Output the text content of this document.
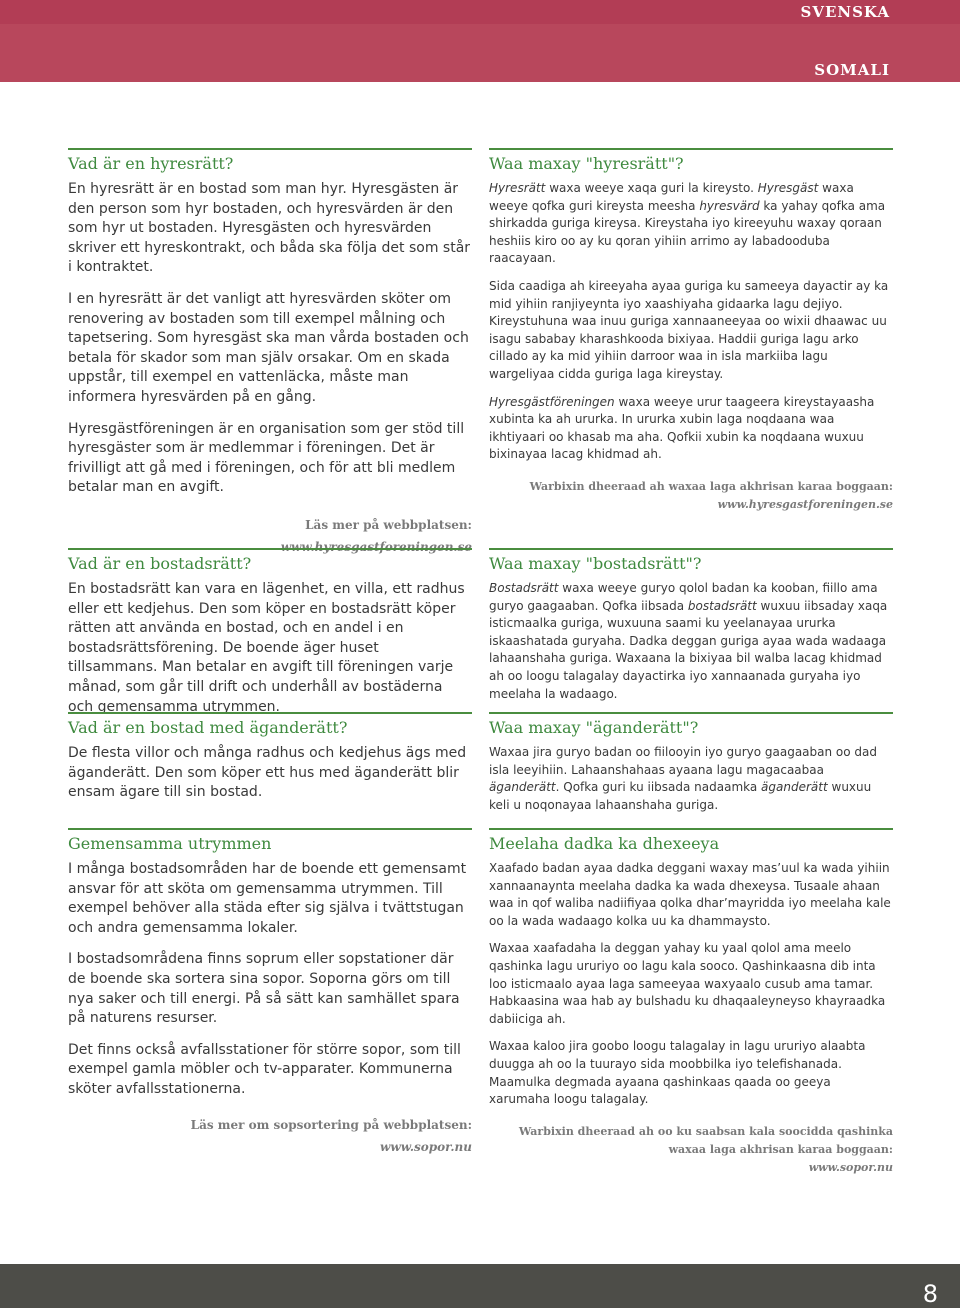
SVENSKA
SOMALI
Vad är en hyresrätt?

En hyresrätt är en bostad som man hyr. Hyresgästen är den person som hyr bostaden, och hyresvärden är den som hyr ut bostaden. Hyresgästen och hyresvärden skriver ett hyreskontrakt, och båda ska följa det som står i kontraktet.

I en hyresrätt är det vanligt att hyresvärden sköter om renovering av bostaden som till exempel målning och tapetsering. Som hyresgäst ska man vårda bostaden och betala för skador som man själv orsakar. Om en skada uppstår, till exempel en vattenläcka, måste man informera hyresvärden på en gång.

Hyresgästföreningen är en organisation som ger stöd till hyresgäster som är medlemmar i föreningen. Det är frivilligt att gå med i föreningen, och för att bli medlem betalar man en avgift.

Läs mer på webbplatsen:
www.hyresgastforeningen.se
Waa maxay "hyresrätt"?

Hyresrätt waxa weeye xaqa guri la kireysto. Hyresgäst waxa weeye qofka guri kireysta meesha hyresvärd ka yahay qofka ama shirkadda guriga kireysa. Kireystaha iyo kireeyuhu waxay qoraan heshiis kiro oo ay ku qoran yihiin arrimo ay labadooduba raacayaan.

Sida caadiga ah kireeyaha ayaa guriga ku sameeya dayactir ay ka mid yihiin ranjiyeynta iyo xaashiyaha gidaarka lagu dejiyo. Kireystuhuna waa inuu guriga xannaaneeyaa oo wixii dhaawac uu isagu sababay kharashkooda bixiyaa. Haddii guriga lagu arko cillado ay ka mid yihiin darroor waa in isla markiiba lagu wargeliyaa cidda guriga laga kireystay.

Hyresgästföreningen waxa weeye urur taageera kireystayaasha xubinta ka ah ururka. In ururka xubin laga noqdaana waa ikhtiyaari oo khasab ma aha. Qofkii xubin ka noqdaana wuxuu bixinayaa lacag khidmad ah.

Warbixin dheeraad ah waxaa laga akhrisan karaa boggaan:
www.hyresgastforeningen.se
Vad är en bostadsrätt?

En bostadsrätt kan vara en lägenhet, en villa, ett radhus eller ett kedjehus. Den som köper en bostadsrätt köper rätten att använda en bostad, och en andel i en bostadsrättsförening. De boende äger huset tillsammans. Man betalar en avgift till föreningen varje månad, som går till drift och underhåll av bostäderna och gemensamma utrymmen.

Waa maxay "bostadsrätt"?

Bostadsrätt waxa weeye guryo qolol badan ka kooban, fiillo ama guryo gaagaaban. Qofka iibsada bostadsrätt wuxuu iibsaday xaqa isticmaalka guriga, wuxuuna saami ku yeelanayaa ururka iskaashatada guryaha. Dadka deggan guriga ayaa wada wadaaga lahaanshaha guriga. Waxaana la bixiyaa bil walba lacag khidmad ah oo loogu talagalay dayactirka iyo xannaanada guryaha iyo meelaha la wadaago.

Vad är en bostad med äganderätt?

De flesta villor och många radhus och kedjehus ägs med äganderätt. Den som köper ett hus med äganderätt blir ensam ägare till sin bostad.

Waa maxay "äganderätt"?

Waxaa jira guryo badan oo fiilooyin iyo guryo gaagaaban oo dad isla leeyihiin. Lahaanshahaas ayaana lagu magacaabaa äganderätt. Qofka guri ku iibsada nadaamka äganderätt wuxuu keli u noqonayaa lahaanshaha guriga.

Gemensamma utrymmen

I många bostadsområden har de boende ett gemensamt ansvar för att sköta om gemensamma utrymmen. Till exempel behöver alla städa efter sig själva i tvättstugan och andra gemensamma lokaler.

I bostadsområdena finns soprum eller sopstationer där de boende ska sortera sina sopor. Soporna görs om till nya saker och till energi. På så sätt kan samhället spara på naturens resurser.

Det finns också avfallsstationer för större sopor, som till exempel gamla möbler och tv-apparater. Kommunerna sköter avfallsstationerna.

Läs mer om sopsortering på webbplatsen:
www.sopor.nu
Meelaha dadka ka dhexeeya

Xaafado badan ayaa dadka deggani waxay mas’uul ka wada yihiin xannaanaynta meelaha dadka ka wada dhexeysa. Tusaale ahaan waa in qof waliba nadiifiyaa qolka dhar’mayridda iyo meelaha kale oo la wada wadaago kolka uu ka dhammaysto.

Waxaa xaafadaha la deggan yahay ku yaal qolol ama meelo qashinka lagu ururiyo oo lagu kala sooco. Qashinkaasna dib inta loo isticmaalo ayaa laga sameeyaa waxyaalo cusub ama tamar. Habkaasina waa hab ay bulshadu ku dhaqaaleyneyso khayraadka dabiiciga ah.

Waxaa kaloo jira goobo loogu talagalay in lagu ururiyo alaabta duugga ah oo la tuurayo sida moobbilka iyo telefishanada. Maamulka degmada ayaana qashinkaas qaada oo geeya xarumaha loogu talagalay.

Warbixin dheeraad ah oo ku saabsan kala soocidda qashinka waxaa laga akhrisan karaa boggaan:
www.sopor.nu
8
